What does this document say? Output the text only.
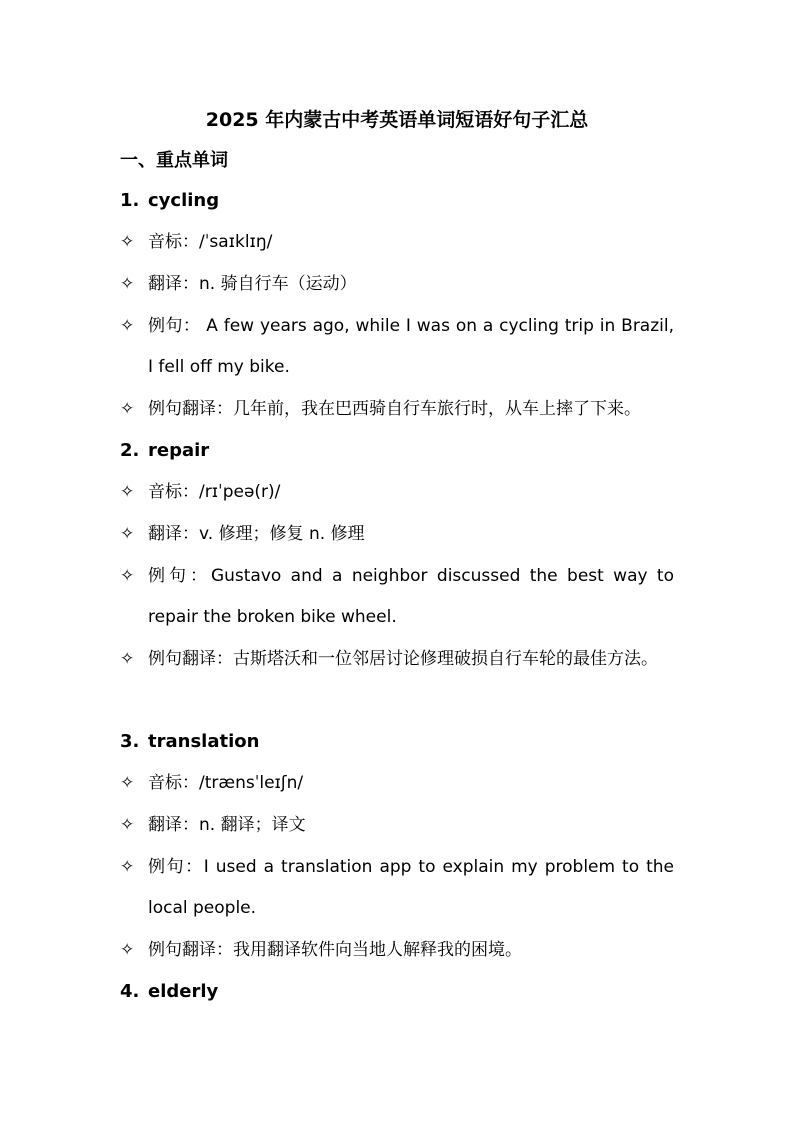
2025 年内蒙古中考英语单词短语好句子汇总
一、重点单词
1. cycling
✧ 音标：/ˈsaɪklɪŋ/
✧ 翻译：n. 骑自行车（运动）
✧ 例句： A few years ago, while I was on a cycling trip in Brazil, I fell off my bike.
✧ 例句翻译：几年前，我在巴西骑自行车旅行时，从车上摔了下来。
2. repair
✧ 音标：/rɪˈpeə(r)/
✧ 翻译：v. 修理；修复 n. 修理
✧ 例句：Gustavo and a neighbor discussed the best way to repair the broken bike wheel.
✧ 例句翻译：古斯塔沃和一位邻居讨论修理破损自行车轮的最佳方法。
3. translation
✧ 音标：/trænsˈleɪʃn/
✧ 翻译：n. 翻译；译文
✧ 例句：I used a translation app to explain my problem to the local people.
✧ 例句翻译：我用翻译软件向当地人解释我的困境。
4. elderly
